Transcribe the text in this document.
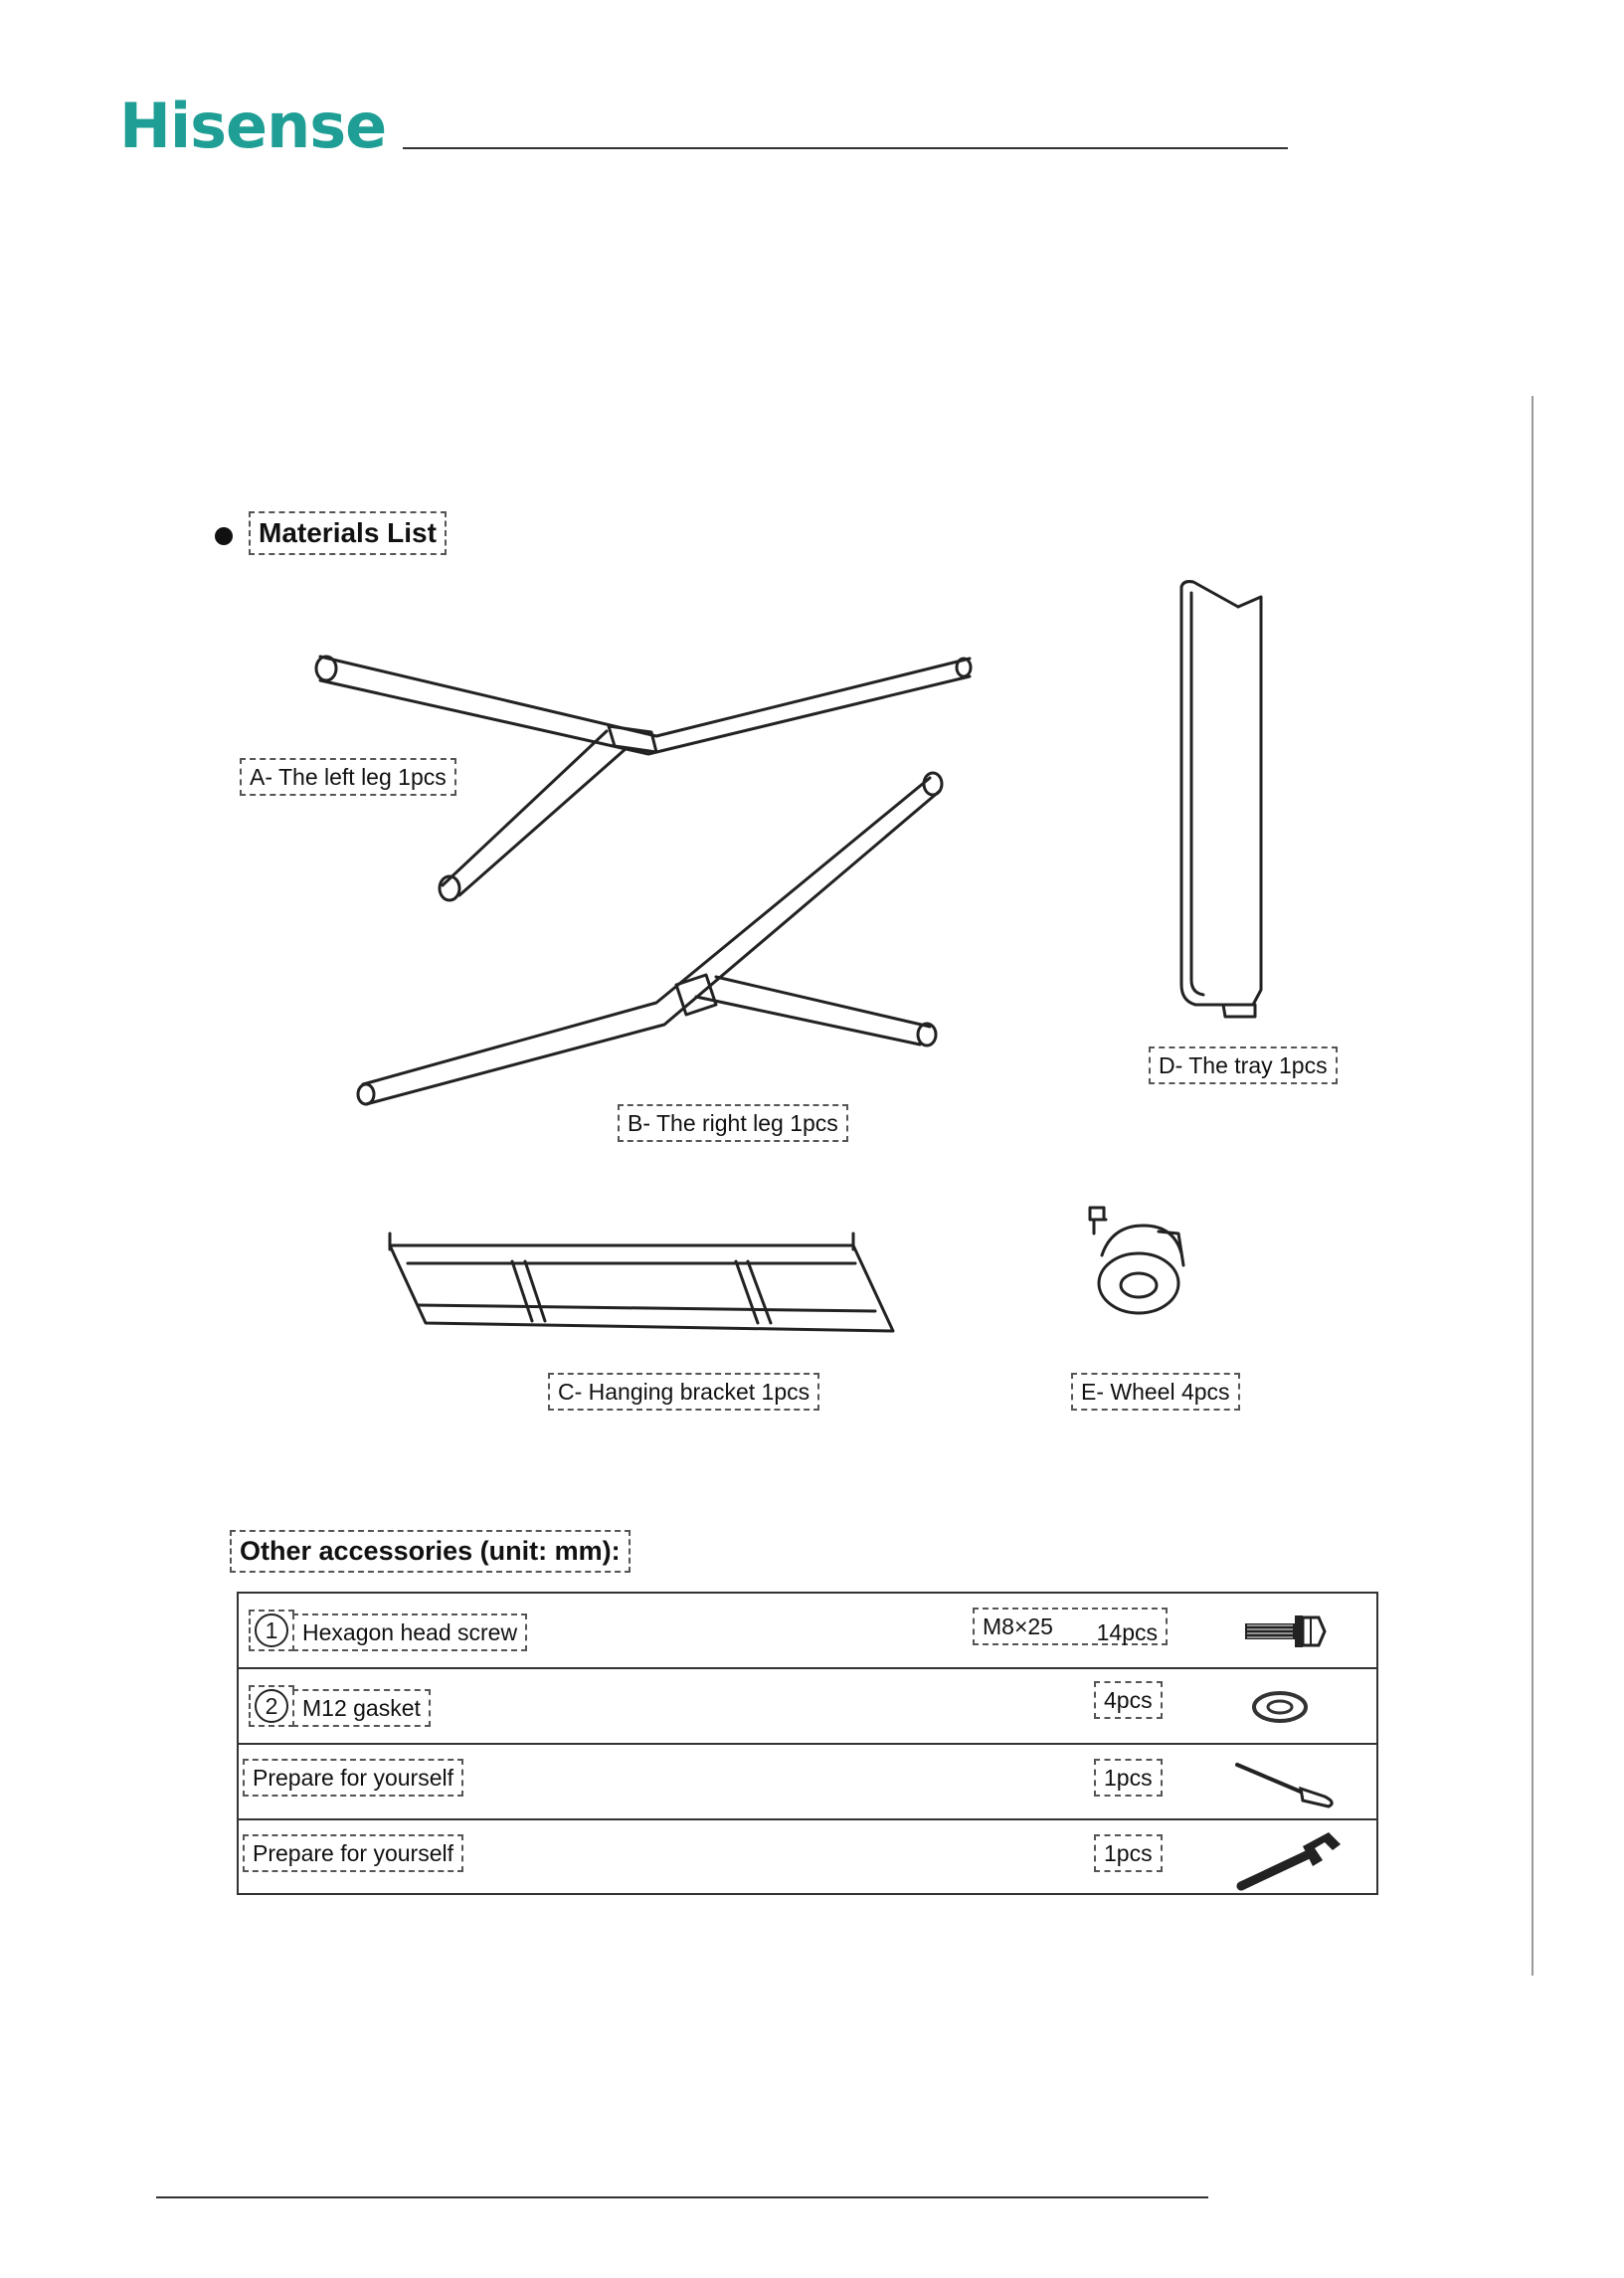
Hisense
Materials List
A- The left leg 1pcs
B- The right leg 1pcs
C- Hanging bracket 1pcs
D- The tray 1pcs
E- Wheel 4pcs
Other accessories (unit: mm):
1	Hexagon head screw	M8×25 14pcs
2	M12 gasket	4pcs
Prepare for yourself	1pcs
Prepare for yourself	1pcs
